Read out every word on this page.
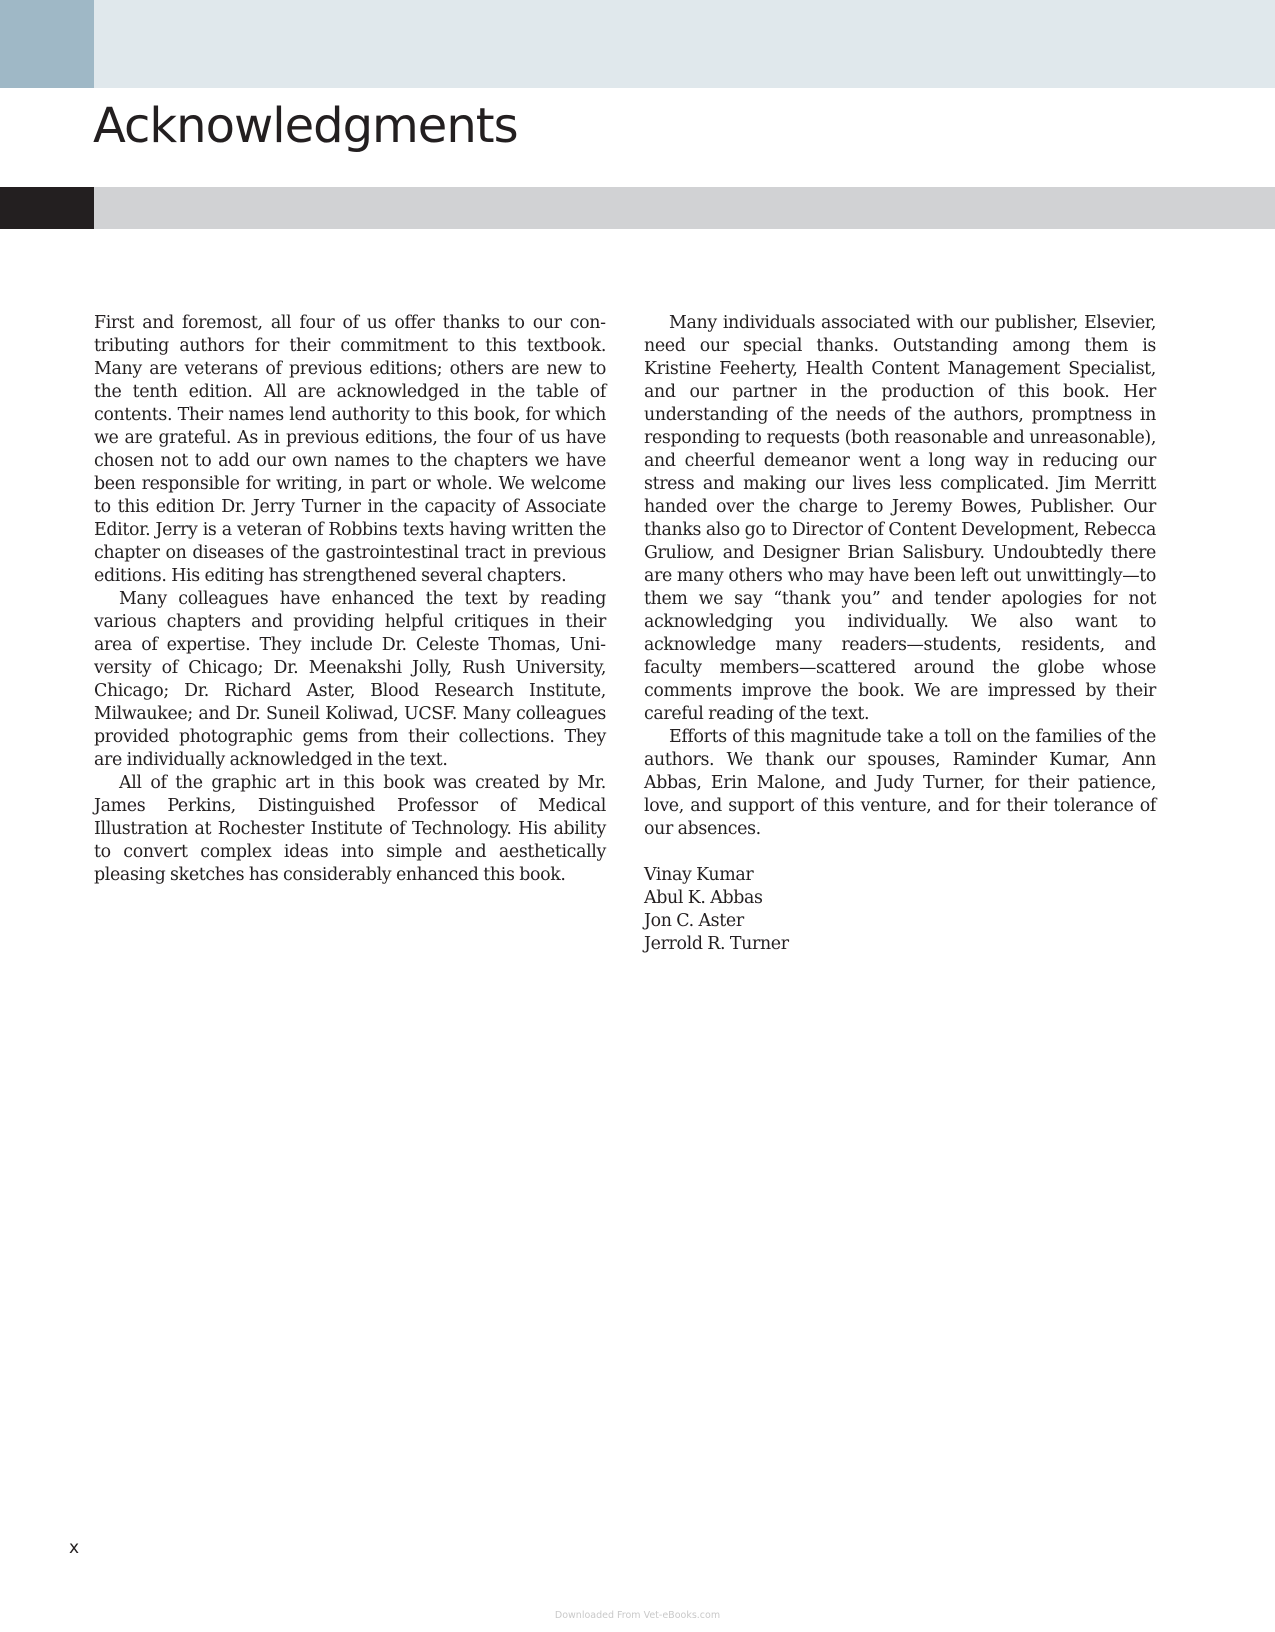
Acknowledgments

First and foremost, all four of us offer thanks to our contributing authors for their commitment to this textbook. Many are veterans of previous editions; others are new to the tenth edition. All are acknowledged in the table of contents. Their names lend authority to this book, for which we are grateful. As in previous editions, the four of us have chosen not to add our own names to the chapters we have been responsible for writing, in part or whole. We welcome to this edition Dr. Jerry Turner in the capacity of Associate Editor. Jerry is a veteran of Robbins texts having written the chapter on diseases of the gastrointestinal tract in previous editions. His editing has strengthened several chapters.

Many colleagues have enhanced the text by reading various chapters and providing helpful critiques in their area of expertise. They include Dr. Celeste Thomas, University of Chicago; Dr. Meenakshi Jolly, Rush University, Chicago; Dr. Richard Aster, Blood Research Institute, Milwaukee; and Dr. Suneil Koliwad, UCSF. Many colleagues provided photographic gems from their collections. They are individually acknowledged in the text.

All of the graphic art in this book was created by Mr. James Perkins, Distinguished Professor of Medical Illustration at Rochester Institute of Technology. His ability to convert complex ideas into simple and aesthetically pleasing sketches has considerably enhanced this book.

Many individuals associated with our publisher, Elsevier, need our special thanks. Outstanding among them is Kristine Feeherty, Health Content Management Specialist, and our partner in the production of this book. Her understanding of the needs of the authors, promptness in responding to requests (both reasonable and unreasonable), and cheerful demeanor went a long way in reducing our stress and making our lives less complicated. Jim Merritt handed over the charge to Jeremy Bowes, Publisher. Our thanks also go to Director of Content Development, Rebecca Gruliow, and Designer Brian Salisbury. Undoubtedly there are many others who may have been left out unwittingly—to them we say “thank you” and tender apologies for not acknowledging you individually. We also want to acknowledge many readers—students, residents, and faculty members—scattered around the globe whose comments improve the book. We are impressed by their careful reading of the text.

Efforts of this magnitude take a toll on the families of the authors. We thank our spouses, Raminder Kumar, Ann Abbas, Erin Malone, and Judy Turner, for their patience, love, and support of this venture, and for their tolerance of our absences.

Vinay Kumar
Abul K. Abbas
Jon C. Aster
Jerrold R. Turner
x
Downloaded From Vet-eBooks.com
